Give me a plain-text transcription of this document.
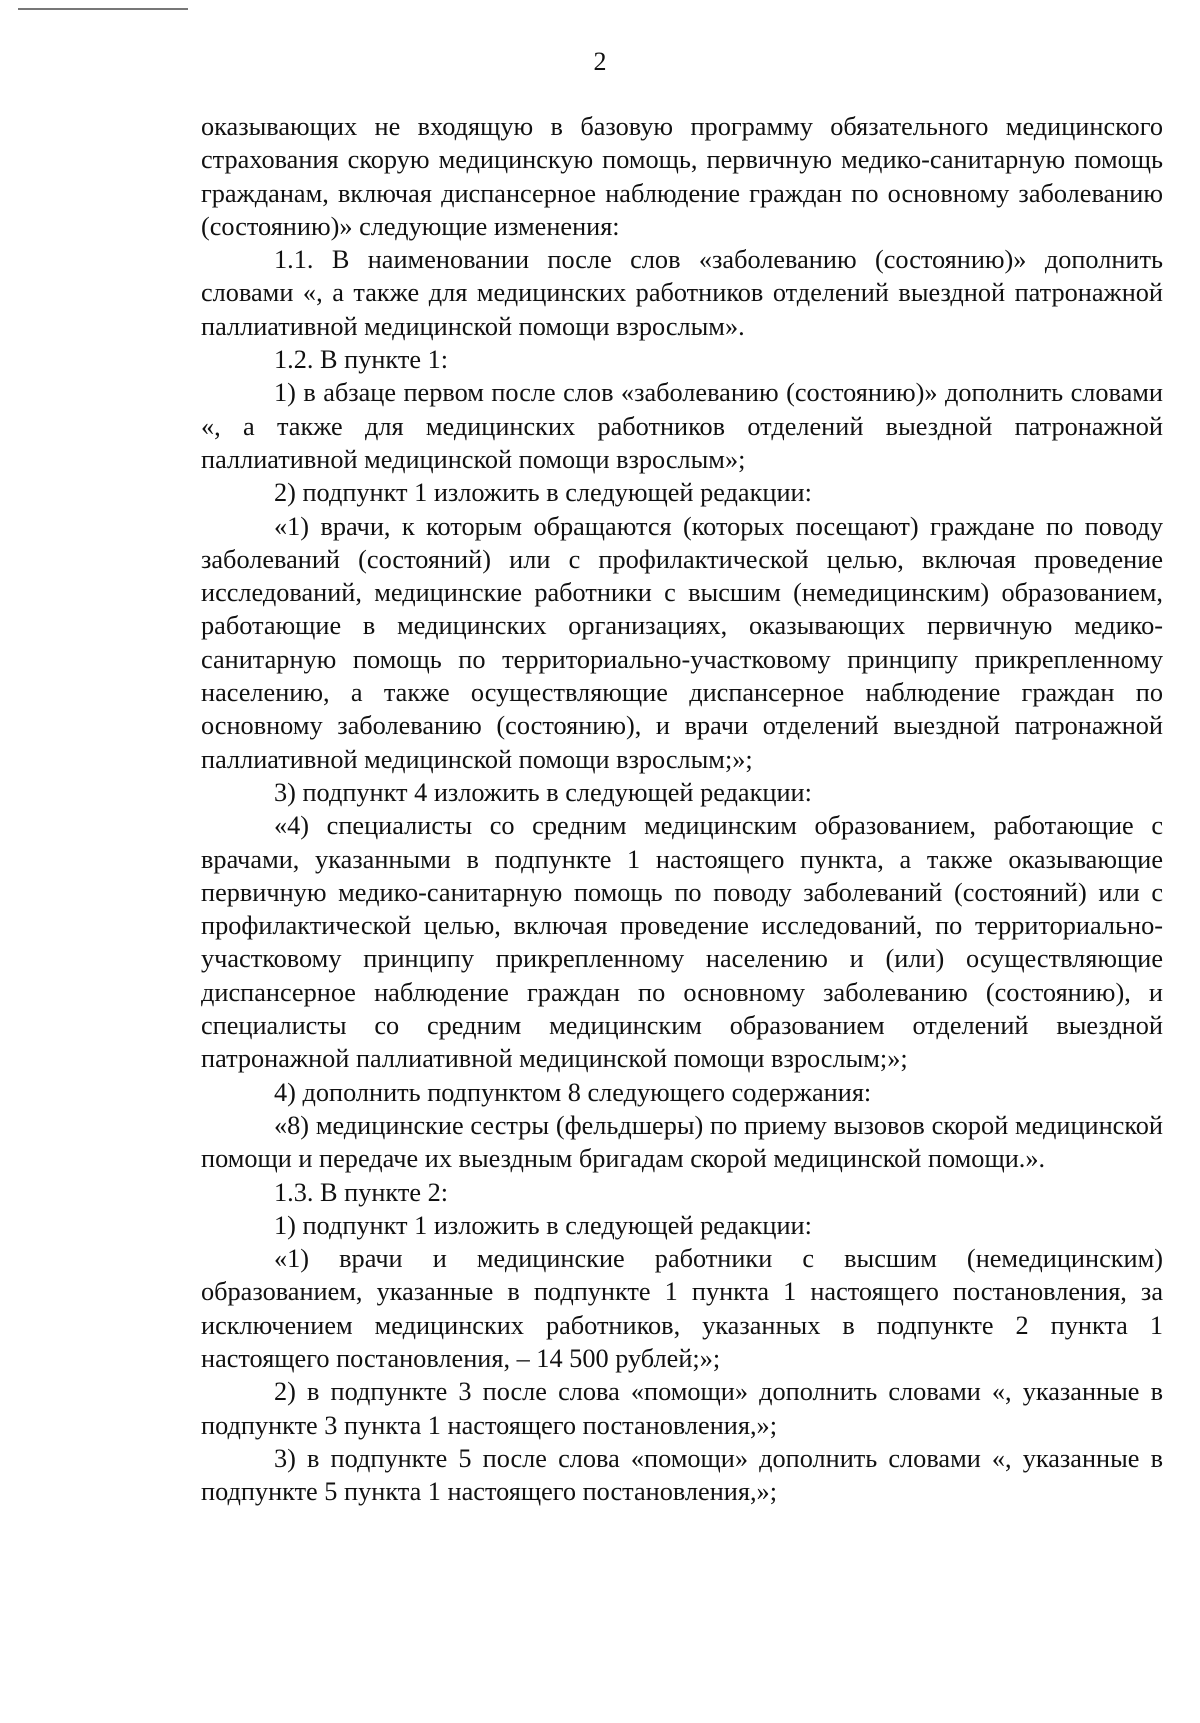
2

оказывающих не входящую в базовую программу обязательного медицинского страхования скорую медицинскую помощь, первичную медико-санитарную помощь гражданам, включая диспансерное наблюдение граждан по основному заболеванию (состоянию)» следующие изменения:

1.1. В наименовании после слов «заболеванию (состоянию)» дополнить словами «, а также для медицинских работников отделений выездной патронажной паллиативной медицинской помощи взрослым».

1.2. В пункте 1:

1) в абзаце первом после слов «заболеванию (состоянию)» дополнить словами «, а также для медицинских работников отделений выездной патронажной паллиативной медицинской помощи взрослым»;

2) подпункт 1 изложить в следующей редакции:

«1) врачи, к которым обращаются (которых посещают) граждане по поводу заболеваний (состояний) или с профилактической целью, включая проведение исследований, медицинские работники с высшим (немедицинским) образованием, работающие в медицинских организациях, оказывающих первичную медико-санитарную помощь по территориально-участковому принципу прикрепленному населению, а также осуществляющие диспансерное наблюдение граждан по основному заболеванию (состоянию), и врачи отделений выездной патронажной паллиативной медицинской помощи взрослым;»;

3) подпункт 4 изложить в следующей редакции:

«4) специалисты со средним медицинским образованием, работающие с врачами, указанными в подпункте 1 настоящего пункта, а также оказывающие первичную медико-санитарную помощь по поводу заболеваний (состояний) или с профилактической целью, включая проведение исследований, по территориально-участковому принципу прикрепленному населению и (или) осуществляющие диспансерное наблюдение граждан по основному заболеванию (состоянию), и специалисты со средним медицинским образованием отделений выездной патронажной паллиативной медицинской помощи взрослым;»;

4) дополнить подпунктом 8 следующего содержания:

«8) медицинские сестры (фельдшеры) по приему вызовов скорой медицинской помощи и передаче их выездным бригадам скорой медицинской помощи.».

1.3. В пункте 2:

1) подпункт 1 изложить в следующей редакции:

«1) врачи и медицинские работники с высшим (немедицинским) образованием, указанные в подпункте 1 пункта 1 настоящего постановления, за исключением медицинских работников, указанных в подпункте 2 пункта 1 настоящего постановления, – 14 500 рублей;»;

2) в подпункте 3 после слова «помощи» дополнить словами «, указанные в подпункте 3 пункта 1 настоящего постановления,»;

3) в подпункте 5 после слова «помощи» дополнить словами «, указанные в подпункте 5 пункта 1 настоящего постановления,»;
